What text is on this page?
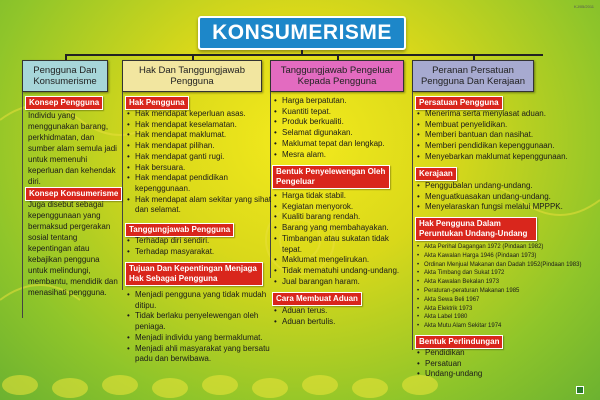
KJ/05/2011
KONSUMERISME
Pengguna Dan Konsumerisme
Hak Dan Tanggungjawab Pengguna
Tanggungjawab Pengeluar Kepada Pengguna
Peranan Persatuan Pengguna Dan Kerajaan
Konsep Pengguna
Individu yang menggunakan barang, perkhidmatan, dan sumber alam semula jadi untuk memenuhi keperluan dan kehendak diri.
Konsep Konsumerisme
Juga disebut sebagai kepenggunaan yang bermaksud pergerakan sosial tentang kepentingan atau kebajikan pengguna untuk melindungi, membantu, mendidik dan menasihati pengguna.
Hak Pengguna
• Hak mendapat keperluan asas.
• Hak mendapat keselamatan.
• Hak mendapat maklumat.
• Hak mendapat pilihan.
• Hak mendapat ganti rugi.
• Hak bersuara.
• Hak mendapat pendidikan kepenggunaan.
• Hak mendapat alam sekitar yang sihat dan selamat.
Tanggungjawab Pengguna
• Terhadap diri sendiri.
• Terhadap masyarakat.
Tujuan Dan Kepentingan Menjaga Hak Sebagai Pengguna
• Menjadi pengguna yang tidak mudah ditipu.
• Tidak berlaku penyelewengan oleh peniaga.
• Menjadi individu yang bermaklumat.
• Menjadi ahli masyarakat yang bersatu padu dan berwibawa.
• Harga berpatutan.
• Kuantiti tepat.
• Produk berkualiti.
• Selamat digunakan.
• Maklumat tepat dan lengkap.
• Mesra alam.
Bentuk Penyelewengan Oleh Pengeluar
• Harga tidak stabil.
• Kegiatan menyorok.
• Kualiti barang rendah.
• Barang yang membahayakan.
• Timbangan atau sukatan tidak tepat.
• Maklumat mengelirukan.
• Tidak mematuhi undang-undang.
• Jual barangan haram.
Cara Membuat Aduan
• Aduan terus.
• Aduan bertulis.
Persatuan Pengguna
• Menerima serta menyiasat aduan.
• Membuat penyelidikan.
• Memberi bantuan dan nasihat.
• Memberi pendidikan kepenggunaan.
• Menyebarkan maklumat kepenggunaan.
Kerajaan
• Penggubalan undang-undang.
• Menguatkuasakan undang-undang.
• Menyelaraskan fungsi melalui MPPPK.
Hak Pengguna Dalam Peruntukan Undang-Undang
• Akta Perihal Dagangan 1972 (Pindaan 1982)
• Akta Kawalan Harga 1946 (Pindaan 1973)
• Ordinan Menjual Makanan dan Dadah 1952(Pindaan 1983)
• Akta Timbang dan Sukat 1972
• Akta Kawalan Bekalan 1973
• Peraturan-peraturan Makanan 1985
• Akta Sewa Beli 1967
• Akta Elektrik 1973
• Akta Label 1980
• Akta Mutu Alam Sekitar 1974
Bentuk Perlindungan
• Pendidikan
• Persatuan
• Undang-undang
